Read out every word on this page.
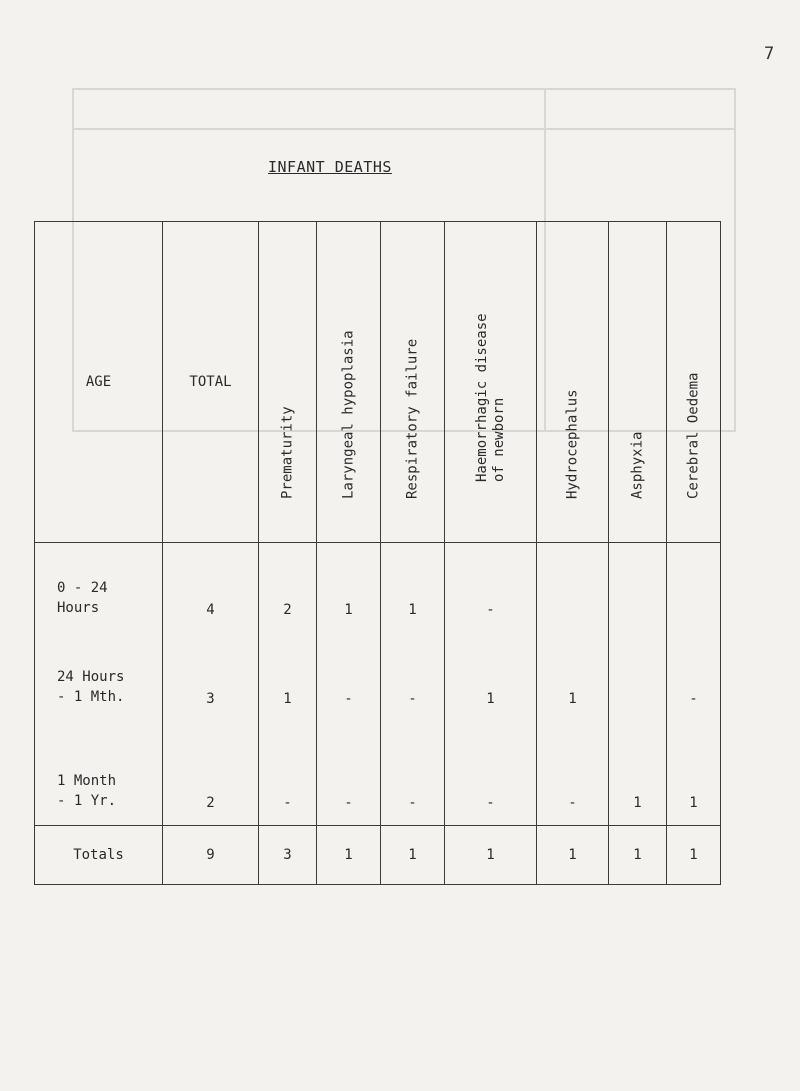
7
INFANT DEATHS
AGE	TOTAL	Prematurity	Laryngeal hypoplasia	Respiratory failure	Haemorrhagic disease of newborn	Hydrocephalus	Asphyxia	Cerebral Oedema

0 - 24
Hours	4	2	1	1	-			

24 Hours
- 1 Mth.	3	1	-	-	1	1		-

1 Month
- 1 Yr.	2	-	-	-	-	-	1	1
Totals	9	3	1	1	1	1	1	1
